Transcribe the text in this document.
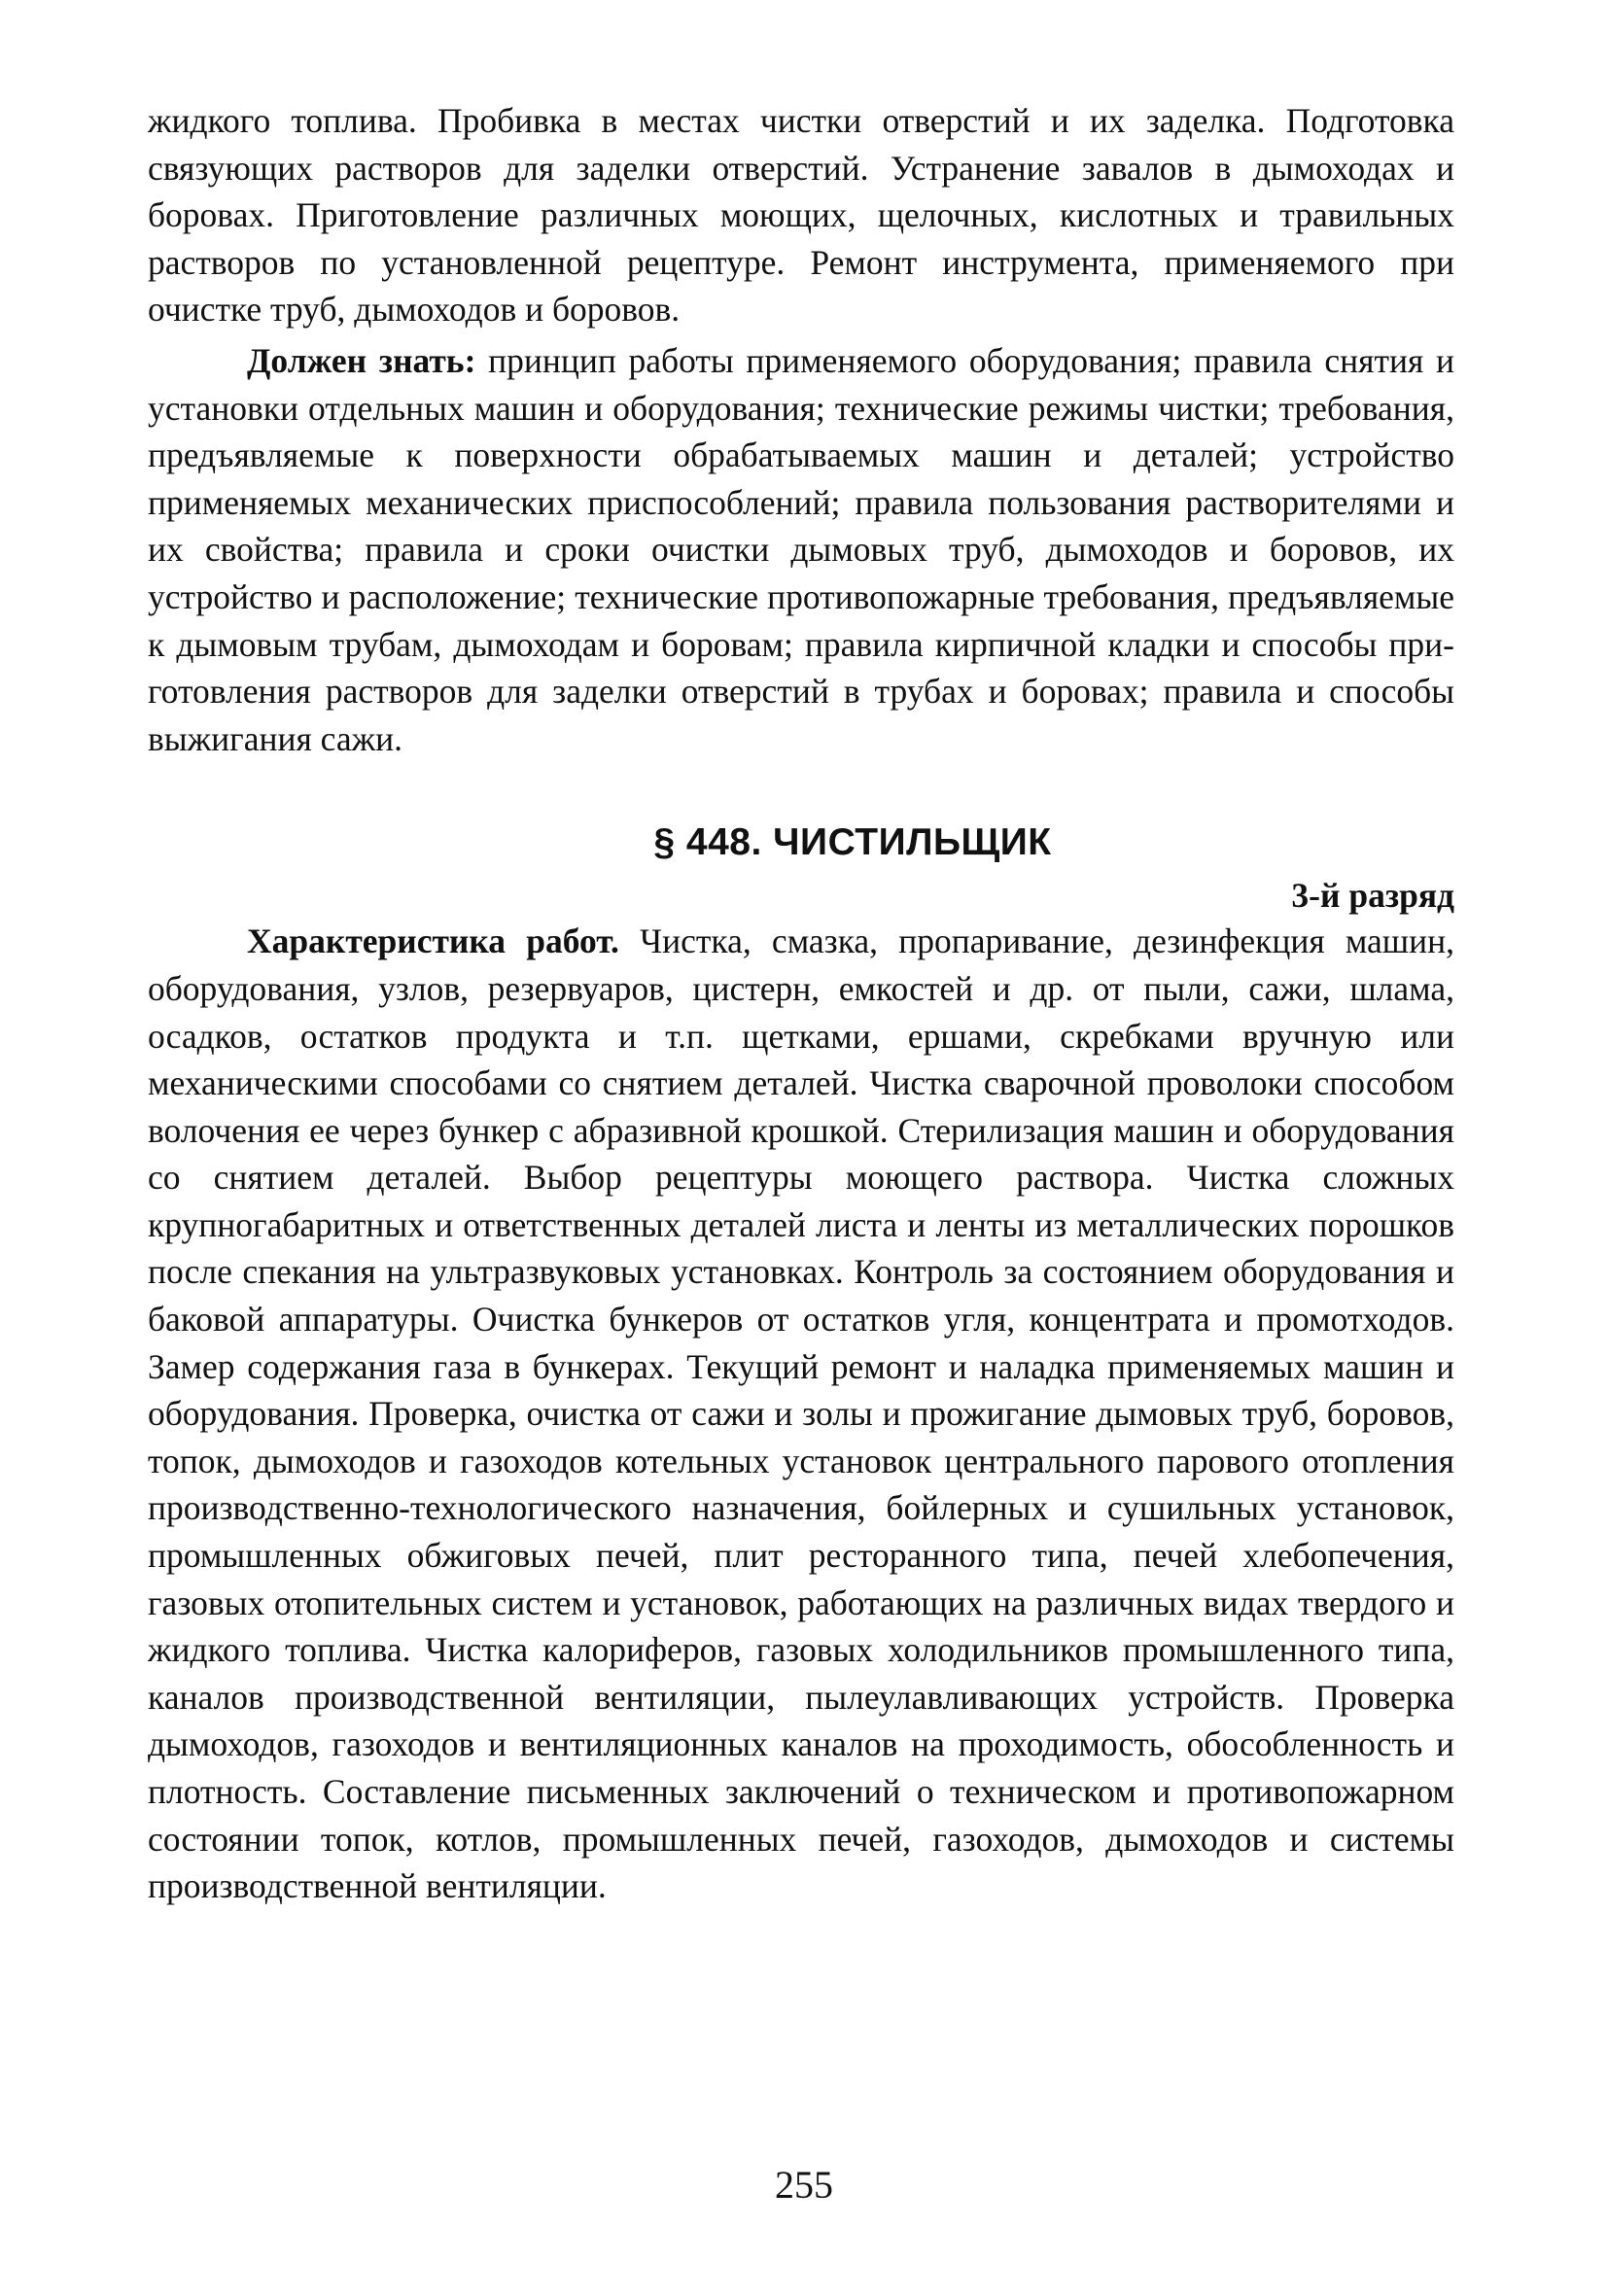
жидкого топлива. Пробивка в местах чистки отверстий и их заделка. Подготовка связующих растворов для заделки отверстий. Устранение завалов в дымоходах и боровах. Приготовление различных моющих, щелочных, кислотных и травильных растворов по установленной рецептуре. Ремонт инструмента, применяемого при очистке труб, дымоходов и боровов.

Должен знать: принцип работы применяемого оборудования; правила снятия и установки отдельных машин и оборудования; технические режимы чистки; требования, предъявляемые к поверхности обрабатываемых машин и деталей; устройство применяемых механических приспособлений; правила пользования растворителями и их свойства; правила и сроки очистки дымовых труб, дымоходов и боровов, их устройство и расположение; технические противопожарные требования, предъявляемые к дымовым трубам, дымоходам и боровам; правила кирпичной кладки и способы приготовления растворов для заделки отверстий в трубах и боровах; правила и способы выжигания сажи.

§ 448. ЧИСТИЛЬЩИК
3-й разряд

Характеристика работ. Чистка, смазка, пропаривание, дезинфекция машин, оборудования, узлов, резервуаров, цистерн, емкостей и др. от пыли, сажи, шлама, осадков, остатков продукта и т.п. щетками, ершами, скребками вручную или механическими способами со снятием деталей. Чистка сварочной проволоки способом волочения ее через бункер с абразивной крошкой. Стерилизация машин и оборудования со снятием деталей. Выбор рецептуры моющего раствора. Чистка сложных крупногабаритных и ответственных деталей листа и ленты из металлических порошков после спекания на ультразвуковых установках. Контроль за состоянием оборудования и баковой аппаратуры. Очистка бункеров от остатков угля, концентрата и промотходов. Замер содержания газа в бункерах. Текущий ремонт и наладка применяемых машин и оборудования. Проверка, очистка от сажи и золы и прожигание дымовых труб, боровов, топок, дымоходов и газоходов котельных установок центрального парового отопления производственно-технологического назначения, бойлерных и сушильных установок, промышленных обжиговых печей, плит ресторанного типа, печей хлебопечения, газовых отопительных систем и установок, работающих на различных видах твердого и жидкого топлива. Чистка калориферов, газовых холодильников промышленного типа, каналов производственной вентиляции, пылеулавливающих устройств. Проверка дымоходов, газоходов и вентиляционных каналов на проходимость, обособленность и плотность. Составление письменных заключений о техническом и противопожарном состоянии топок, котлов, промышленных печей, газоходов, дымоходов и системы производственной вентиляции.

255
